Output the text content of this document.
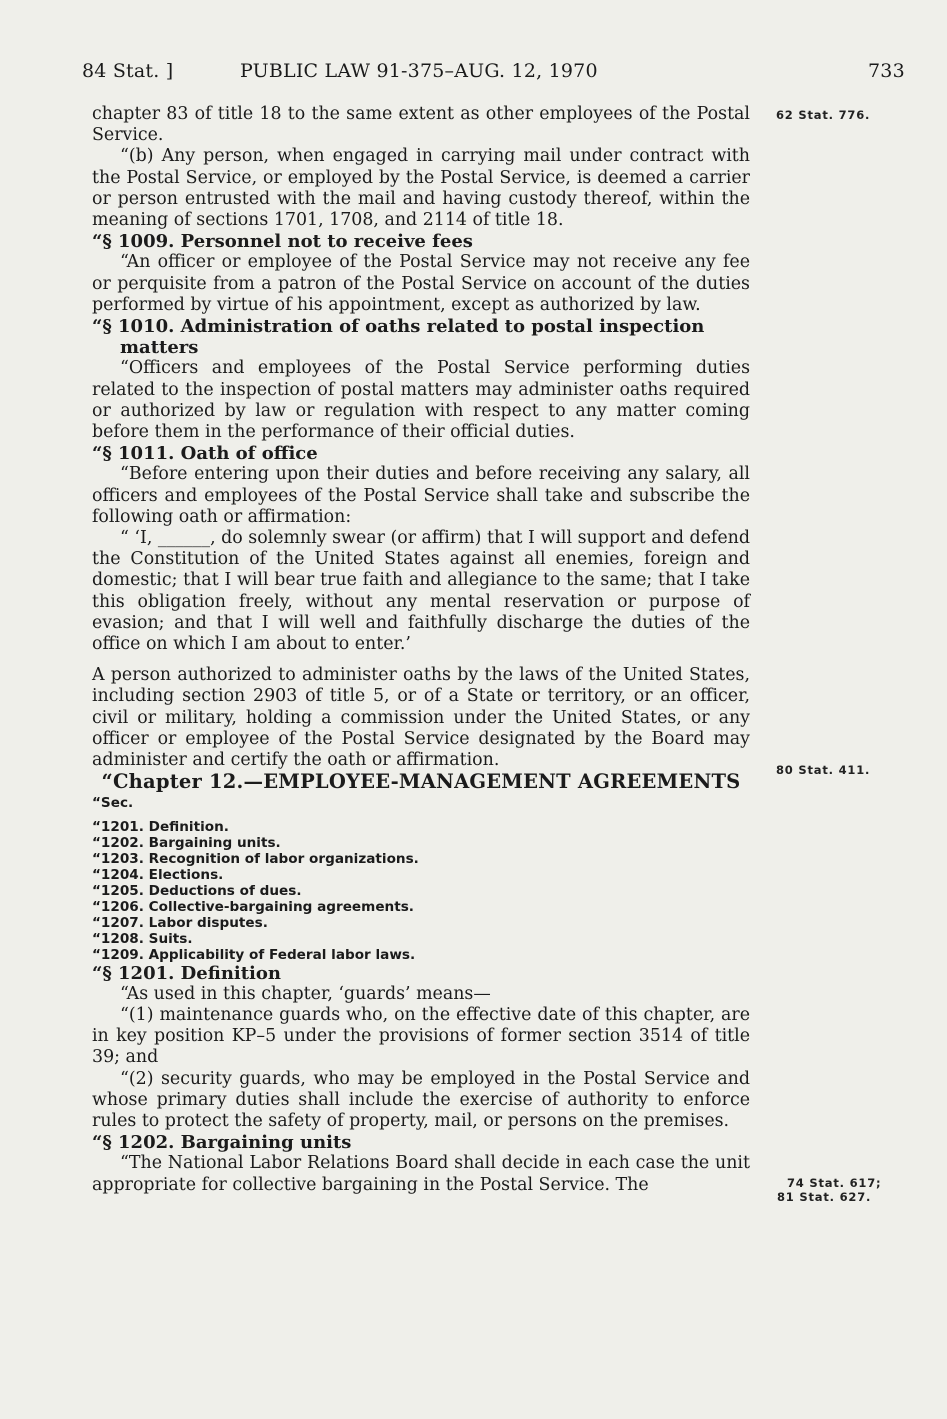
84 Stat. ]	PUBLIC LAW 91-375–AUG. 12, 1970	733
62 Stat. 776.
80 Stat. 411.
74 Stat. 617;
81 Stat. 627.

chapter 83 of title 18 to the same extent as other employees of the Postal Service.

“(b) Any person, when engaged in carrying mail under contract with the Postal Service, or employed by the Postal Service, is deemed a carrier or person entrusted with the mail and having custody thereof, within the meaning of sections 1701, 1708, and 2114 of title 18.

“§ 1009. Personnel not to receive fees

“An officer or employee of the Postal Service may not receive any fee or perquisite from a patron of the Postal Service on account of the duties performed by virtue of his appointment, except as authorized by law.

“§ 1010. Administration of oaths related to postal inspection matters

“Officers and employees of the Postal Service performing duties related to the inspection of postal matters may administer oaths required or authorized by law or regulation with respect to any matter coming before them in the performance of their official duties.

“§ 1011. Oath of office

“Before entering upon their duties and before receiving any salary, all officers and employees of the Postal Service shall take and subscribe the following oath or affirmation:

“ ‘I, ______, do solemnly swear (or affirm) that I will support and defend the Constitution of the United States against all enemies, foreign and domestic; that I will bear true faith and allegiance to the same; that I take this obligation freely, without any mental reservation or purpose of evasion; and that I will well and faithfully discharge the duties of the office on which I am about to enter.’

A person authorized to administer oaths by the laws of the United States, including section 2903 of title 5, or of a State or territory, or an officer, civil or military, holding a commission under the United States, or any officer or employee of the Postal Service designated by the Board may administer and certify the oath or affirmation.

“Chapter 12.—EMPLOYEE-MANAGEMENT AGREEMENTS

“Sec.
“1201. Definition.
“1202. Bargaining units.
“1203. Recognition of labor organizations.
“1204. Elections.
“1205. Deductions of dues.
“1206. Collective-bargaining agreements.
“1207. Labor disputes.
“1208. Suits.
“1209. Applicability of Federal labor laws.

“§ 1201. Definition

“As used in this chapter, ‘guards’ means—

“(1) maintenance guards who, on the effective date of this chapter, are in key position KP–5 under the provisions of former section 3514 of title 39; and

“(2) security guards, who may be employed in the Postal Service and whose primary duties shall include the exercise of authority to enforce rules to protect the safety of property, mail, or persons on the premises.

“§ 1202. Bargaining units

“The National Labor Relations Board shall decide in each case the unit appropriate for collective bargaining in the Postal Service. The
